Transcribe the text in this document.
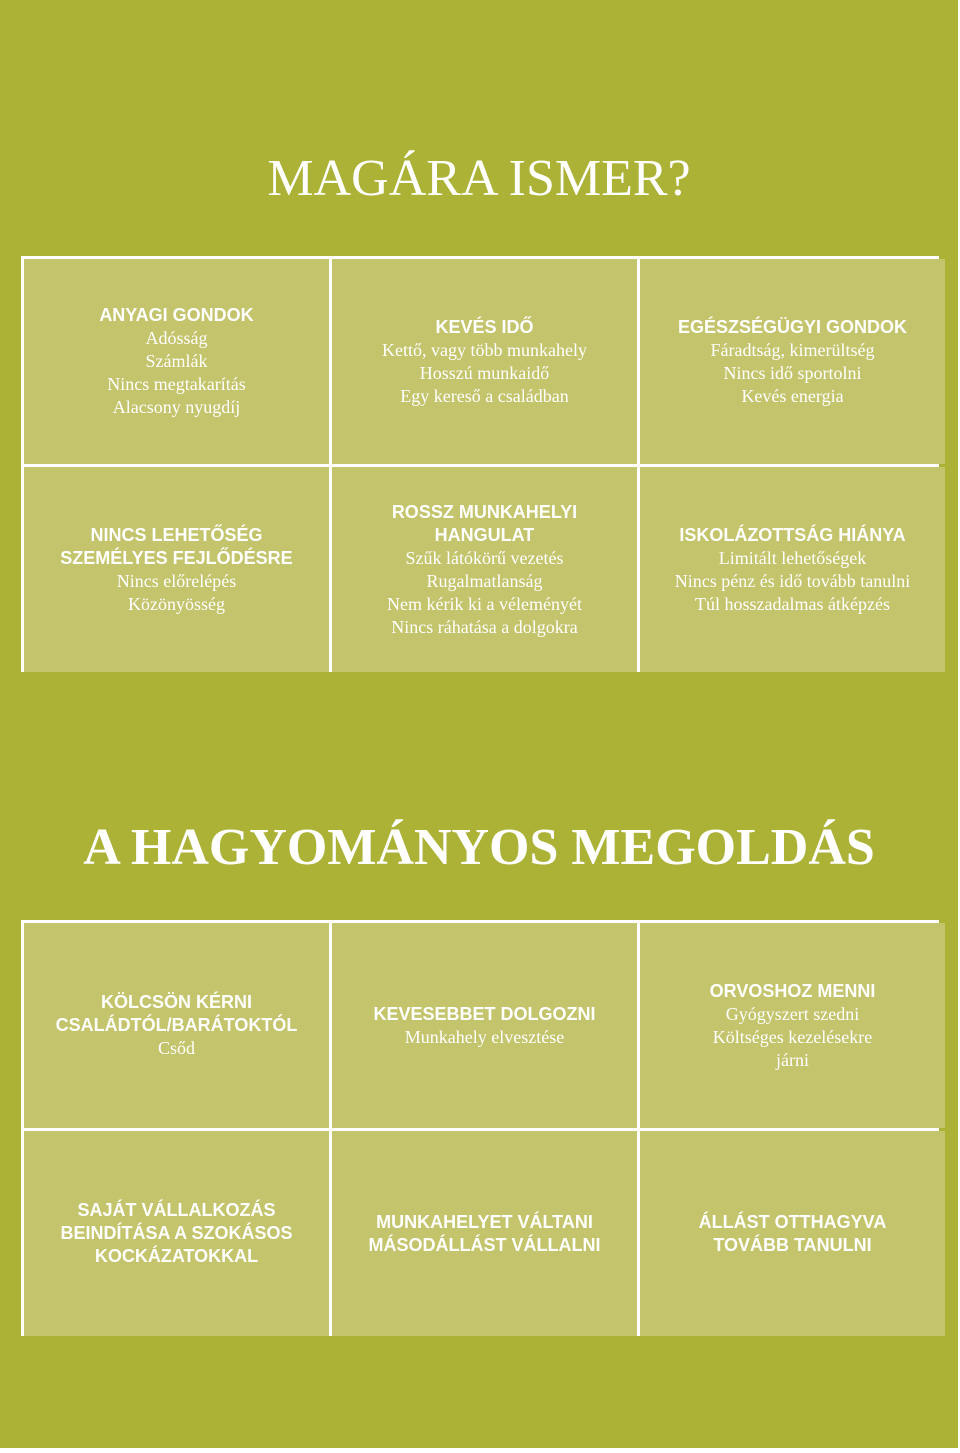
MAGÁRA ISMER?
ANYAGI GONDOK
Adósság
Számlák
Nincs megtakarítás
Alacsony nyugdíj
KEVÉS IDŐ
Kettő, vagy több munkahely
Hosszú munkaidő
Egy kereső a családban
EGÉSZSÉGÜGYI GONDOK
Fáradtság, kimerültség
Nincs idő sportolni
Kevés energia
NINCS LEHETŐSÉG
SZEMÉLYES FEJLŐDÉSRE
Nincs előrelépés
Közönyösség
ROSSZ MUNKAHELYI
HANGULAT
Szűk látókörű vezetés
Rugalmatlanság
Nem kérik ki a véleményét
Nincs ráhatása a dolgokra
ISKOLÁZOTTSÁG HIÁNYA
Limitált lehetőségek
Nincs pénz és idő tovább tanulni
Túl hosszadalmas átképzés
A HAGYOMÁNYOS MEGOLDÁS
KÖLCSÖN KÉRNI
CSALÁDTÓL/BARÁTOKTÓL
Csőd
KEVESEBBET DOLGOZNI
Munkahely elvesztése
ORVOSHOZ MENNI
Gyógyszert szedni
Költséges kezelésekre
járni
SAJÁT VÁLLALKOZÁS
BEINDÍTÁSA A SZOKÁSOS
KOCKÁZATOKKAL
MUNKAHELYET VÁLTANI
MÁSODÁLLÁST VÁLLALNI
ÁLLÁST OTTHAGYVA
TOVÁBB TANULNI
